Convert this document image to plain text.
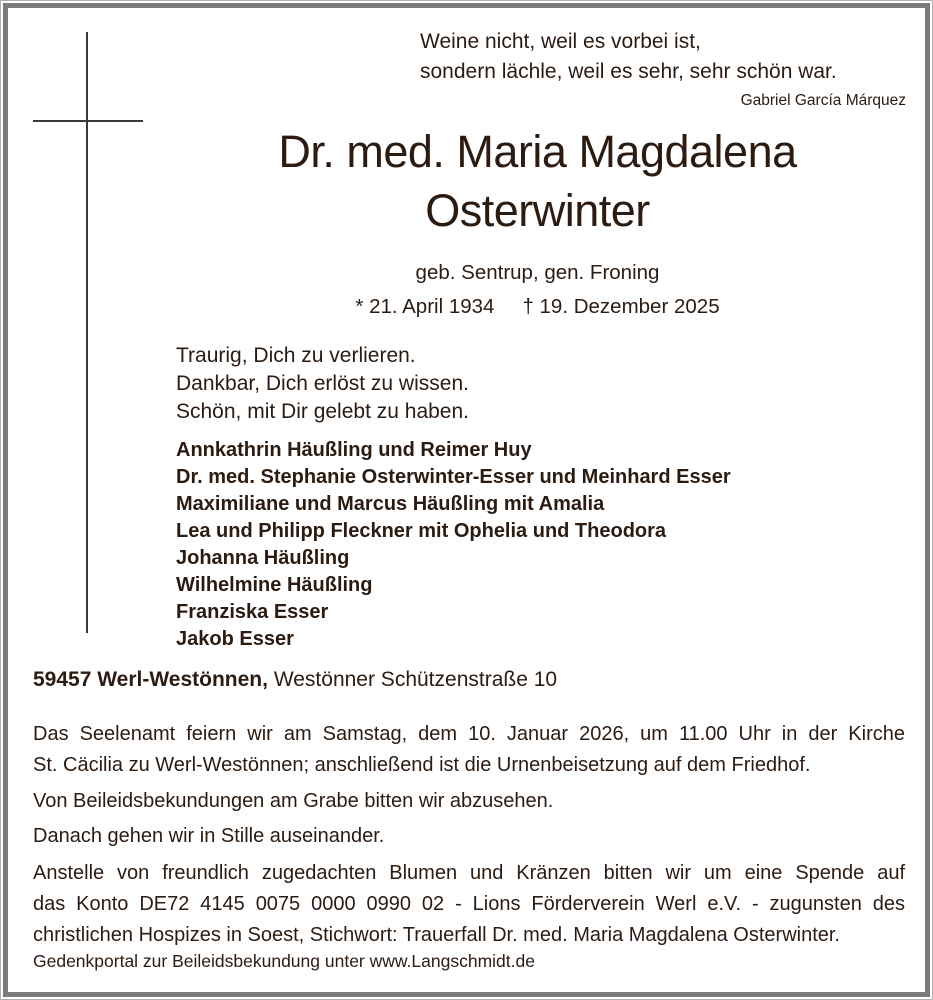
Weine nicht, weil es vorbei ist,
sondern lächle, weil es sehr, sehr schön war.
Gabriel García Márquez
Dr. med. Maria Magdalena
Osterwinter
geb. Sentrup, gen. Froning
* 21. April 1934 † 19. Dezember 2025
Traurig, Dich zu verlieren.
Dankbar, Dich erlöst zu wissen.
Schön, mit Dir gelebt zu haben.
Annkathrin Häußling und Reimer Huy
Dr. med. Stephanie Osterwinter-Esser und Meinhard Esser
Maximiliane und Marcus Häußling mit Amalia
Lea und Philipp Fleckner mit Ophelia und Theodora
Johanna Häußling
Wilhelmine Häußling
Franziska Esser
Jakob Esser
59457 Werl-Westönnen, Westönner Schützenstraße 10
Das Seelenamt feiern wir am Samstag, dem 10. Januar 2026, um 11.00 Uhr in der Kirche
St. Cäcilia zu Werl-Westönnen; anschließend ist die Urnenbeisetzung auf dem Friedhof.
Von Beileidsbekundungen am Grabe bitten wir abzusehen.
Danach gehen wir in Stille auseinander.
Anstelle von freundlich zugedachten Blumen und Kränzen bitten wir um eine Spende auf
das Konto DE72 4145 0075 0000 0990 02 - Lions Förderverein Werl e.V. - zugunsten des
christlichen Hospizes in Soest, Stichwort: Trauerfall Dr. med. Maria Magdalena Osterwinter.
Gedenkportal zur Beileidsbekundung unter www.Langschmidt.de
